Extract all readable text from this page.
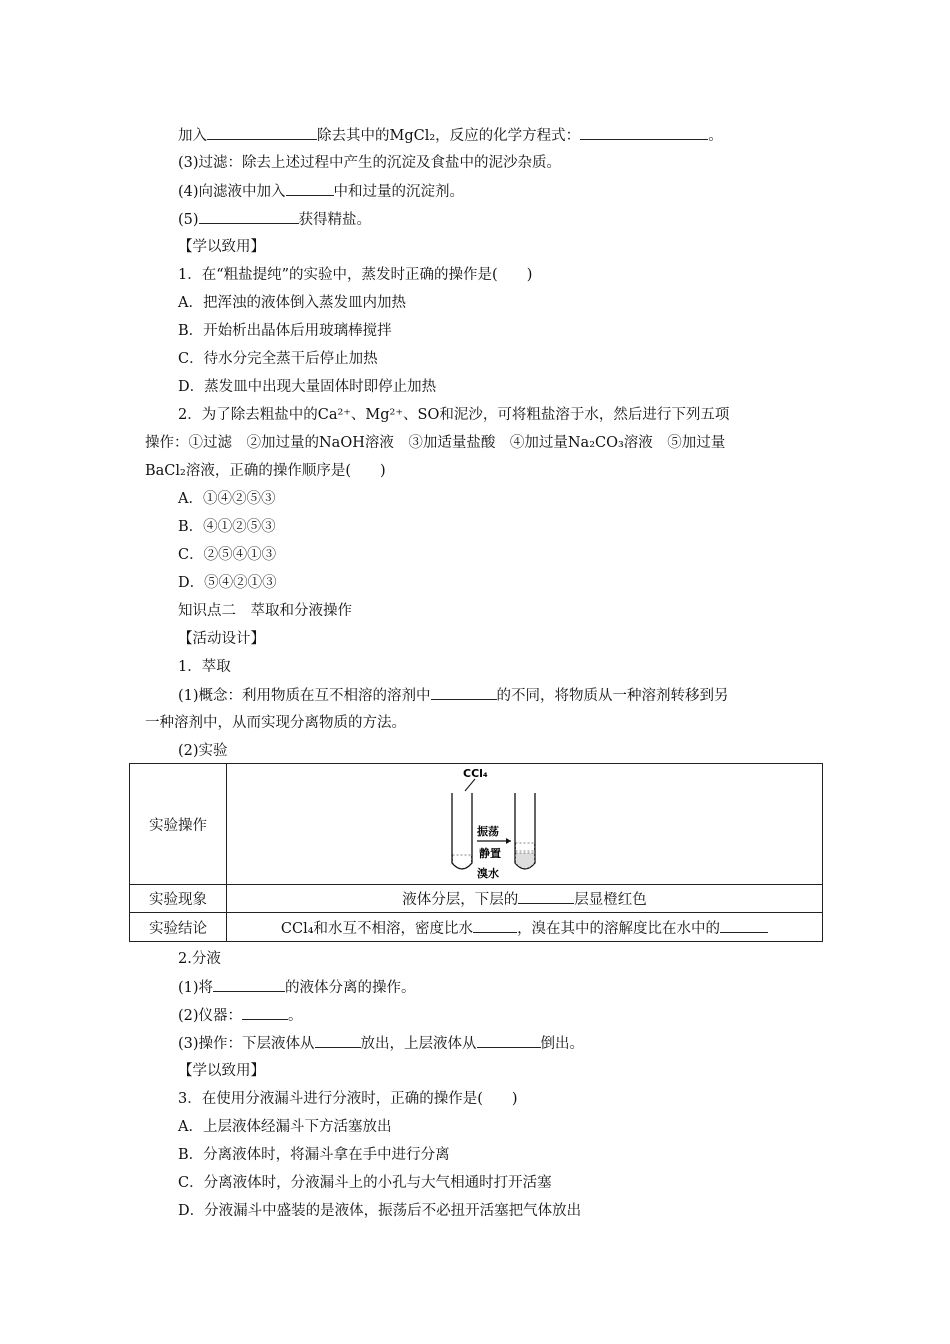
加入	除去其中的MgCl₂，反应的化学方程式：	。
(3)过滤：除去上述过程中产生的沉淀及食盐中的泥沙杂质。
(4)向滤液中加入	中和过量的沉淀剂。
(5)	获得精盐。
【学以致用】
1．在“粗盐提纯”的实验中，蒸发时正确的操作是(　　)
A．把浑浊的液体倒入蒸发皿内加热
B．开始析出晶体后用玻璃棒搅拌
C．待水分完全蒸干后停止加热
D．蒸发皿中出现大量固体时即停止加热
2．为了除去粗盐中的Ca²⁺、Mg²⁺、SO和泥沙，可将粗盐溶于水，然后进行下列五项
操作：①过滤　②加过量的NaOH溶液　③加适量盐酸　④加过量Na₂CO₃溶液　⑤加过量
BaCl₂溶液，正确的操作顺序是(　　)
A．①④②⑤③
B．④①②⑤③
C．②⑤④①③
D．⑤④②①③
知识点二　萃取和分液操作
【活动设计】
1．萃取
(1)概念：利用物质在互不相溶的溶剂中	的不同，将物质从一种溶剂转移到另
一种溶剂中，从而实现分离物质的方法。
(2)实验
实验操作	CCl₄
振荡
静置
溴水

实验现象	液体分层，下层的 层显橙红色
实验结论	CCl₄和水互不相溶，密度比水 ，溴在其中的溶解度比在水中的
2.分液
(1)将	的液体分离的操作。
(2)仪器：	。
(3)操作：下层液体从	放出，上层液体从	倒出。
【学以致用】
3．在使用分液漏斗进行分液时，正确的操作是(　　)
A．上层液体经漏斗下方活塞放出
B．分离液体时，将漏斗拿在手中进行分离
C．分离液体时，分液漏斗上的小孔与大气相通时打开活塞
D．分液漏斗中盛装的是液体，振荡后不必扭开活塞把气体放出
